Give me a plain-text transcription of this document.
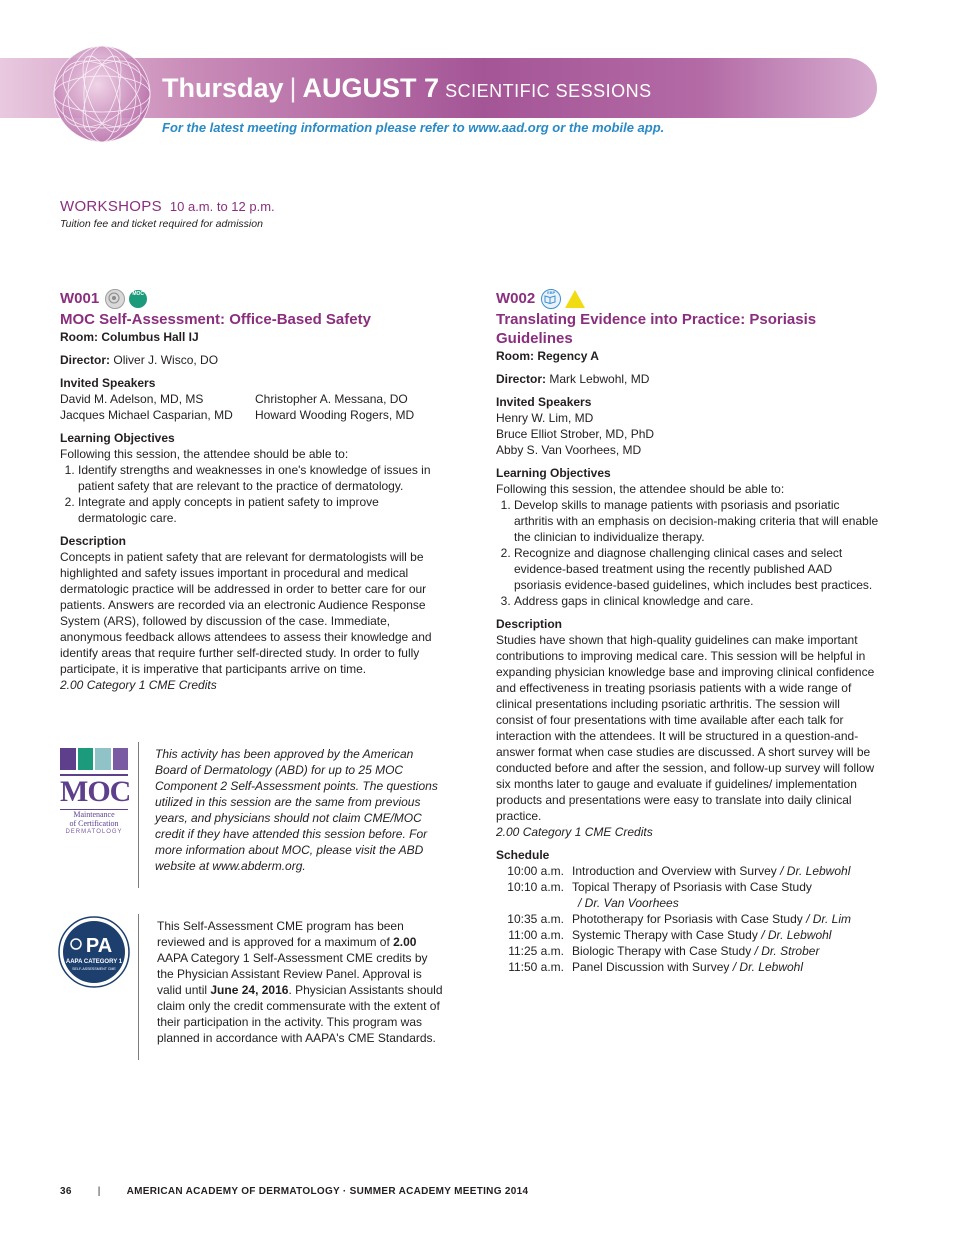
Thursday | AUGUST 7 SCIENTIFIC SESSIONS
For the latest meeting information please refer to www.aad.org or the mobile app.
WORKSHOPS 10 a.m. to 12 p.m.
Tuition fee and ticket required for admission
W001	MOC

MOC Self-Assessment: Office-Based Safety

Room: Columbus Hall IJ

Director: Oliver J. Wisco, DO

Invited Speakers
David M. Adelson, MD, MS	Christopher A. Messana, DO
Jacques Michael Casparian, MD	Howard Wooding Rogers, MD
Learning Objectives

Following this session, the attendee should be able to:

1. Identify strengths and weaknesses in one's knowledge of issues in patient safety that are relevant to the practice of dermatology.
2. Integrate and apply concepts in patient safety to improve dermatologic care.
Description

Concepts in patient safety that are relevant for dermatologists will be highlighted and safety issues important in procedural and medical dermatologic practice will be addressed in order to better care for our patients. Answers are recorded via an electronic Audience Response System (ARS), followed by discussion of the case. Immediate, anonymous feedback allows attendees to assess their knowledge and identify areas that require further self-directed study. In order to fully participate, it is imperative that participants arrive on time.

2.00 Category 1 CME Credits

MOC
Maintenance
of Certification
DERMATOLOGY
This activity has been approved by the American Board of Dermatology (ABD) for up to 25 MOC Component 2 Self-Assessment points. The questions utilized in this session are the same from previous years, and physicians should not claim CME/MOC credit if they have attended this session before. For more information about MOC, please visit the ABD website at www.abderm.org.
PA
AAPA CATEGORY 1
SELF-ASSESSMENT CME
This Self-Assessment CME program has been reviewed and is approved for a maximum of 2.00 AAPA Category 1 Self-Assessment CME credits by the Physician Assistant Review Panel. Approval is valid until June 24, 2016. Physician Assistants should claim only the credit commensurate with the extent of their participation in the activity. This program was planned in accordance with AAPA's CME Standards.
W002	EBP

Translating Evidence into Practice: Psoriasis Guidelines

Room: Regency A

Director: Mark Lebwohl, MD

Invited Speakers

Henry W. Lim, MD

Bruce Elliot Strober, MD, PhD

Abby S. Van Voorhees, MD

Learning Objectives

Following this session, the attendee should be able to:

1. Develop skills to manage patients with psoriasis and psoriatic arthritis with an emphasis on decision-making criteria that will enable the clinician to individualize therapy.
2. Recognize and diagnose challenging clinical cases and select evidence-based treatment using the recently published AAD psoriasis evidence-based guidelines, which includes best practices.
3. Address gaps in clinical knowledge and care.
Description

Studies have shown that high-quality guidelines can make important contributions to improving medical care. This session will be helpful in expanding physician knowledge base and improving clinical confidence and effectiveness in treating psoriasis patients with a wide range of clinical presentations including psoriatic arthritis. The session will consist of four presentations with time available after each talk for interaction with the attendees. It will be structured in a question-and-answer format when case studies are discussed. A short survey will be conducted before and after the session, and follow-up survey will follow six months later to gauge and evaluate if guidelines/ implementation products and presentations were easy to translate into daily clinical practice.

2.00 Category 1 CME Credits

Schedule
10:00 a.m.	Introduction and Overview with Survey / Dr. Lebwohl
10:10 a.m.	Topical Therapy of Psoriasis with Case Study
/ Dr. Van Voorhees
10:35 a.m.	Phototherapy for Psoriasis with Case Study / Dr. Lim
11:00 a.m.	Systemic Therapy with Case Study / Dr. Lebwohl
11:25 a.m.	Biologic Therapy with Case Study / Dr. Strober
11:50 a.m.	Panel Discussion with Survey / Dr. Lebwohl
36	|	AMERICAN ACADEMY OF DERMATOLOGY · SUMMER ACADEMY MEETING 2014
